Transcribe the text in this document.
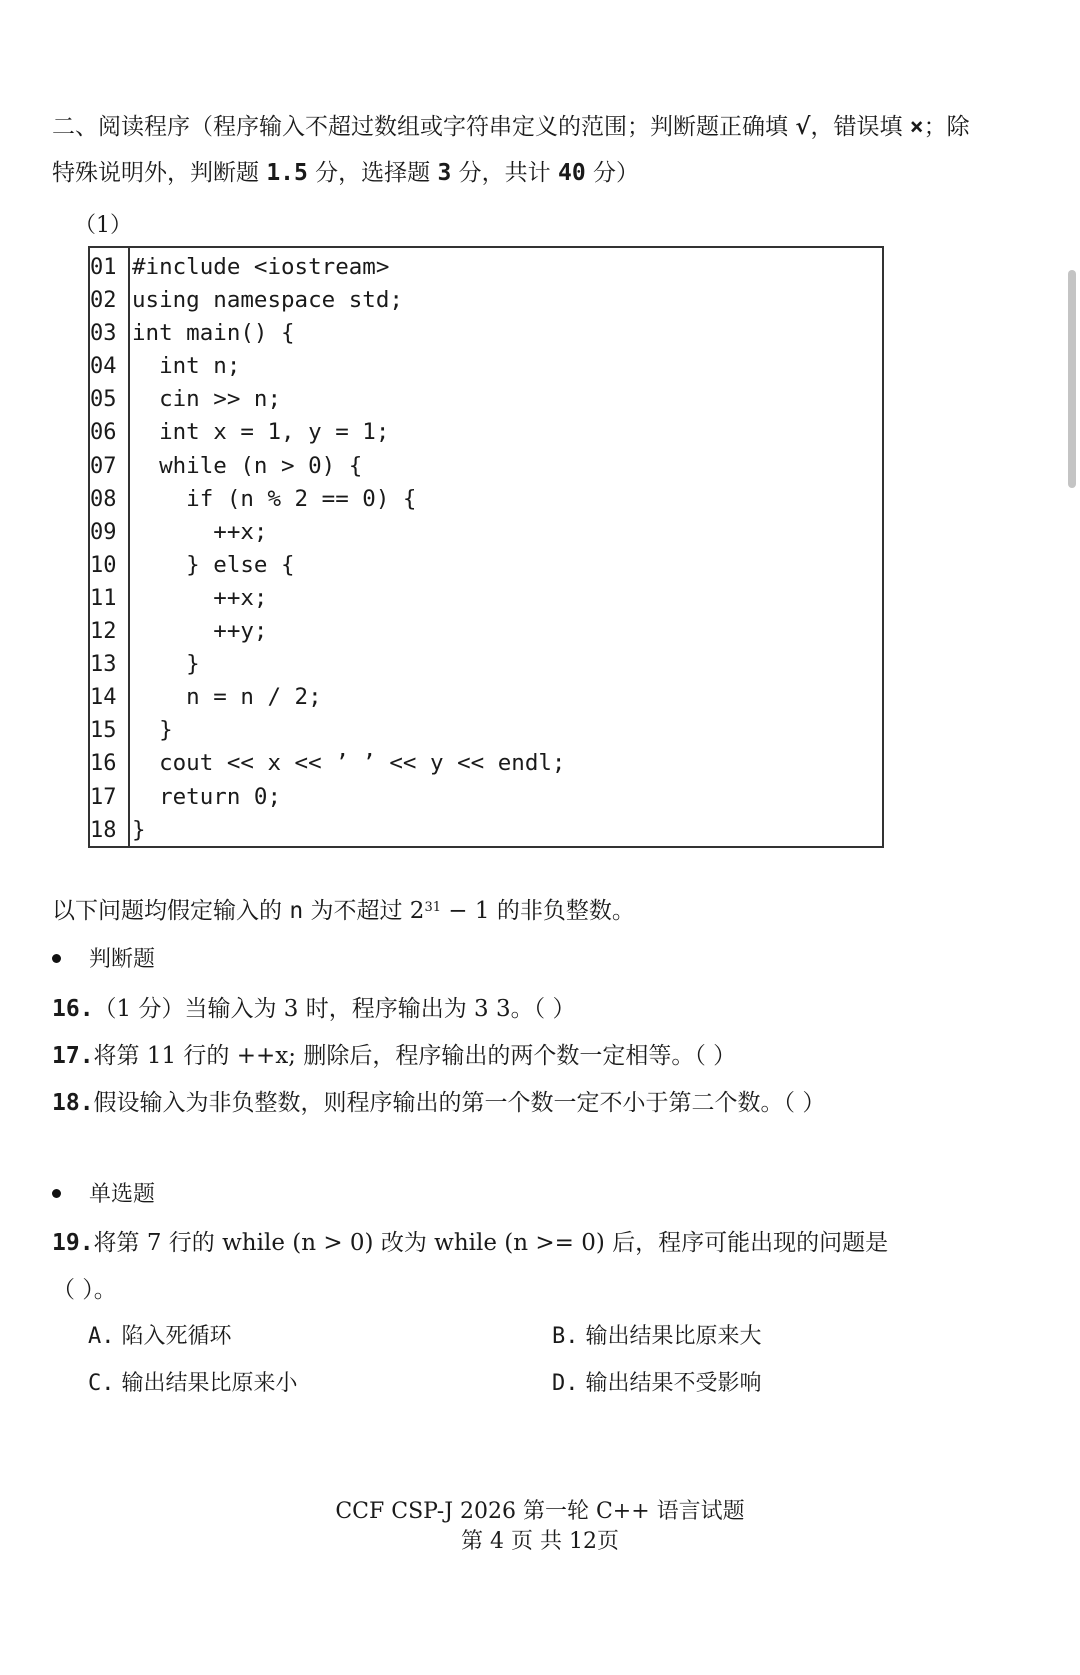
二、阅读程序（程序输入不超过数组或字符串定义的范围；判断题正确填 √，错误填 ×；除
特殊说明外，判断题 1.5 分，选择题 3 分，共计 40 分）
（1）
01 #include <iostream>
02 using namespace std;
03 int main() {
04 int n;
05 cin >> n;
06 int x = 1, y = 1;
07 while (n > 0) {
08 if (n % 2 == 0) {
09 ++x;
10 } else {
11 ++x;
12 ++y;
13 }
14 n = n / 2;
15 }
16 cout << x << ’ ’ << y << endl;
17 return 0;
18 }
以下问题均假定输入的 n 为不超过 $2^{31} - 1$ 的非负整数。
判断题
16.（1 分）当输入为 3 时，程序输出为 3 3。（ ）
17.将第 11 行的 ++x; 删除后，程序输出的两个数一定相等。（ ）
18.假设输入为非负整数，则程序输出的第一个数一定不小于第二个数。（ ）
单选题
19.将第 7 行的 while (n > 0) 改为 while (n >= 0) 后，程序可能出现的问题是
（ ）。
A. 陷入死循环	B. 输出结果比原来大
C. 输出结果比原来小	D. 输出结果不受影响
CCF CSP-J 2026 第一轮 C++ 语言试题
第 4 页 共 12页
